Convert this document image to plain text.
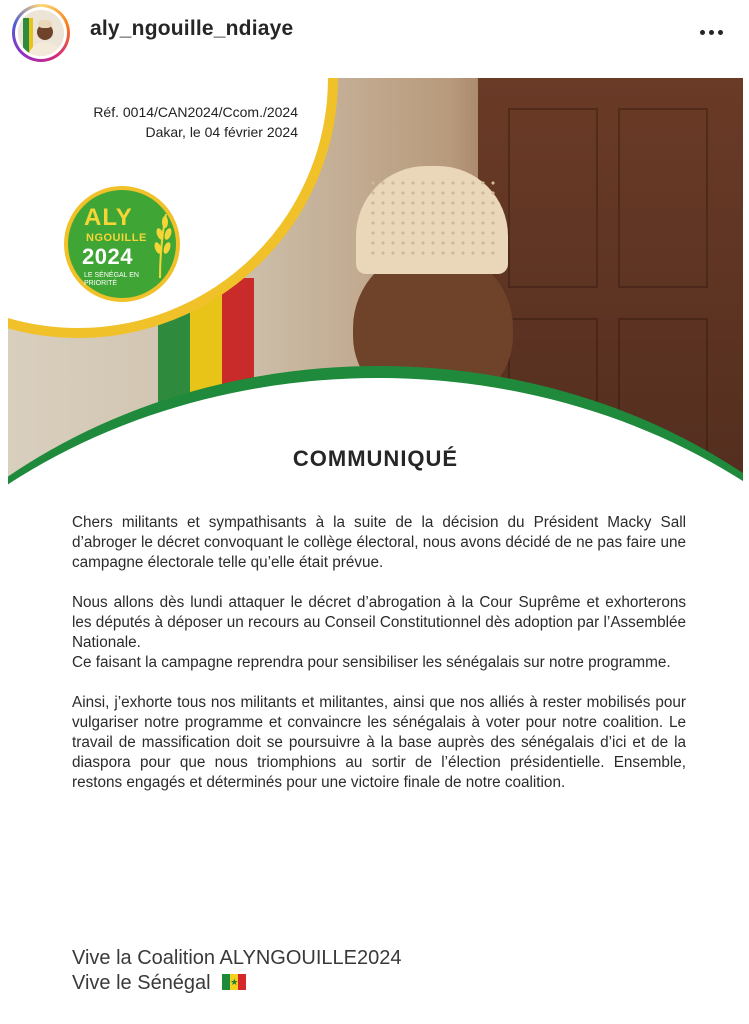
aly_ngouille_ndiaye
Réf. 0014/CAN2024/Ccom./2024
Dakar, le 04 février 2024
ALY
NGOUILLE
2024
LE SÉNÉGAL EN PRIORITÉ
COMMUNIQUÉ

Chers militants et sympathisants à la suite de la décision du Président Macky Sall d’abroger le décret convoquant le collège électoral, nous avons décidé de ne pas faire une campagne électorale telle qu’elle était prévue.

Nous allons dès lundi attaquer le décret d’abrogation à la Cour Suprême et exhorterons les députés à déposer un recours au Conseil Constitutionnel dès adoption par l’Assemblée Nationale.

Ce faisant la campagne reprendra pour sensibiliser les sénégalais sur notre programme.

Ainsi, j’exhorte tous nos militants et militantes, ainsi que nos alliés à rester mobilisés pour vulgariser notre programme et convaincre les sénégalais à voter pour notre coalition. Le travail de massification doit se poursuivre à la base auprès des sénégalais d’ici et de la diaspora pour que nous triomphions au sortir de l’élection présidentielle. Ensemble, restons engagés et déterminés pour une victoire finale de notre coalition.

Vive la Coalition ALYNGOUILLE2024
Vive le Sénégal ★
